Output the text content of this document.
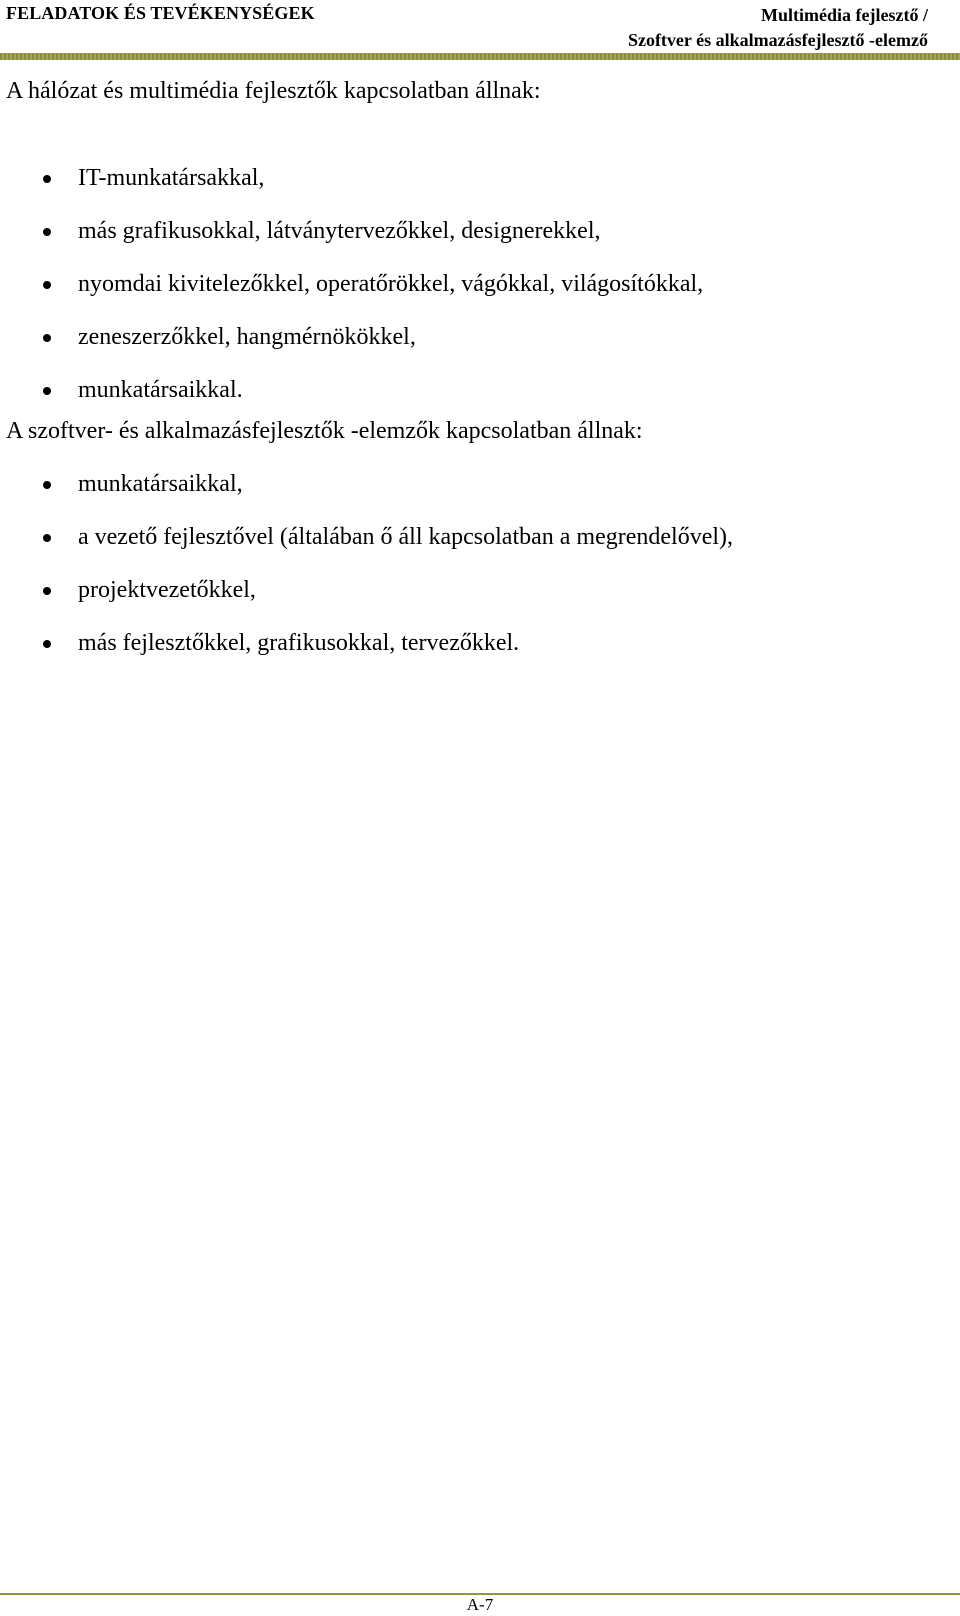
FELADATOK ÉS TEVÉKENYSÉGEK	Multimédia fejlesztő /
Szoftver és alkalmazásfejlesztő -elemző

A hálózat és multimédia fejlesztők kapcsolatban állnak:

IT-munkatársakkal,
más grafikusokkal, látványtervezőkkel, designerekkel,
nyomdai kivitelezőkkel, operatőrökkel, vágókkal, világosítókkal,
zeneszerzőkkel, hangmérnökökkel,
munkatársaikkal.

A szoftver- és alkalmazásfejlesztők -elemzők kapcsolatban állnak:

munkatársaikkal,
a vezető fejlesztővel (általában ő áll kapcsolatban a megrendelővel),
projektvezetőkkel,
más fejlesztőkkel, grafikusokkal, tervezőkkel.
A-7
